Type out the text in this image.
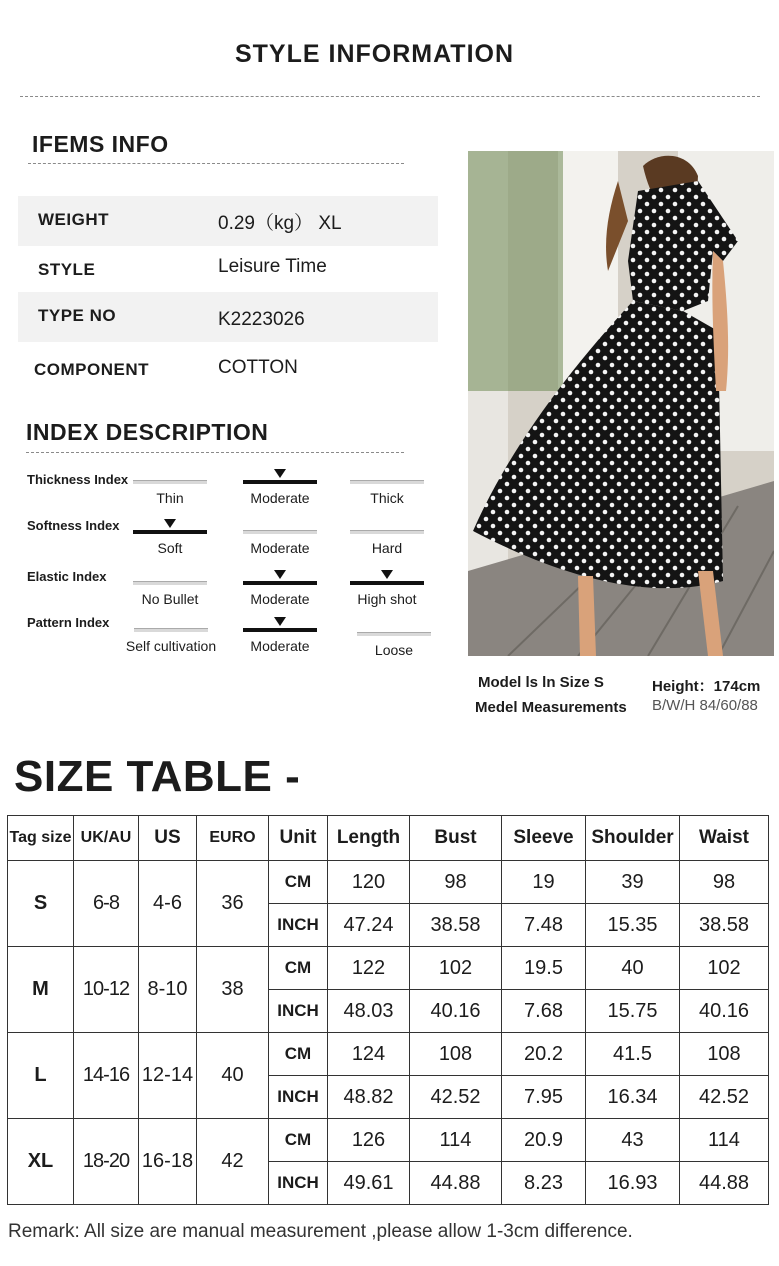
STYLE INFORMATION
IFEMS INFO
WEIGHT	0.29（kg） XL
STYLE	Leisure Time
TYPE NO	K2223026
COMPONENT	COTTON
INDEX DESCRIPTION
Thickness Index
Thin	Moderate	Thick
Softness Index
Soft	Moderate	Hard
Elastic Index
No Bullet	Moderate	High shot
Pattern Index
Self cultivation	Moderate	Loose
Model ls ln Size S
Medel Measurements
Height：174cm
B/W/H 84/60/88
SIZE TABLE -
Tag size	UK/AU	US	EURO	Unit	Length	Bust	Sleeve	Shoulder	Waist
S	6-8	4-6	36	CM	120	98	19	39	98
				INCH	47.24	38.58	7.48	15.35	38.58
M	10-12	8-10	38	CM	122	102	19.5	40	102
				INCH	48.03	40.16	7.68	15.75	40.16
L	14-16	12-14	40	CM	124	108	20.2	41.5	108
				INCH	48.82	42.52	7.95	16.34	42.52
XL	18-20	16-18	42	CM	126	114	20.9	43	114
				INCH	49.61	44.88	8.23	16.93	44.88
Remark: All size are manual measurement ,please allow 1-3cm difference.
